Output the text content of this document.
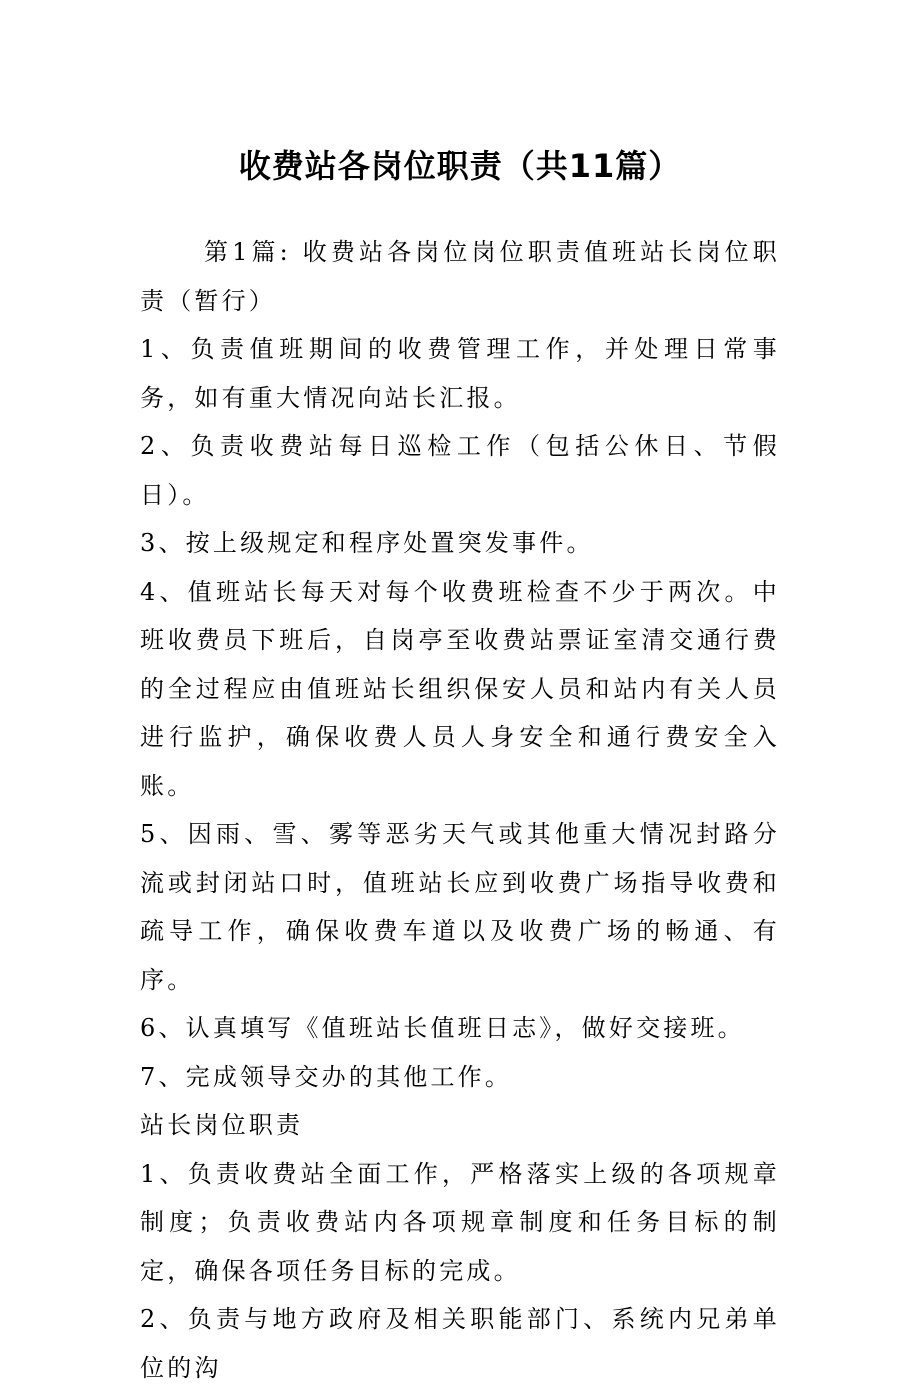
收费站各岗位职责（共11篇）

第1篇: 收费站各岗位岗位职责值班站长岗位职责（暂行）

1、负责值班期间的收费管理工作，并处理日常事务，如有重大情况向站长汇报。

2、负责收费站每日巡检工作（包括公休日、节假日）。

3、按上级规定和程序处置突发事件。

4、值班站长每天对每个收费班检查不少于两次。中班收费员下班后，自岗亭至收费站票证室清交通行费的全过程应由值班站长组织保安人员和站内有关人员进行监护，确保收费人员人身安全和通行费安全入账。

5、因雨、雪、雾等恶劣天气或其他重大情况封路分流或封闭站口时，值班站长应到收费广场指导收费和疏导工作，确保收费车道以及收费广场的畅通、有序。

6、认真填写《值班站长值班日志》，做好交接班。

7、完成领导交办的其他工作。

站长岗位职责

1、负责收费站全面工作，严格落实上级的各项规章制度；负责收费站内各项规章制度和任务目标的制定，确保各项任务目标的完成。

2、负责与地方政府及相关职能部门、系统内兄弟单位的沟
